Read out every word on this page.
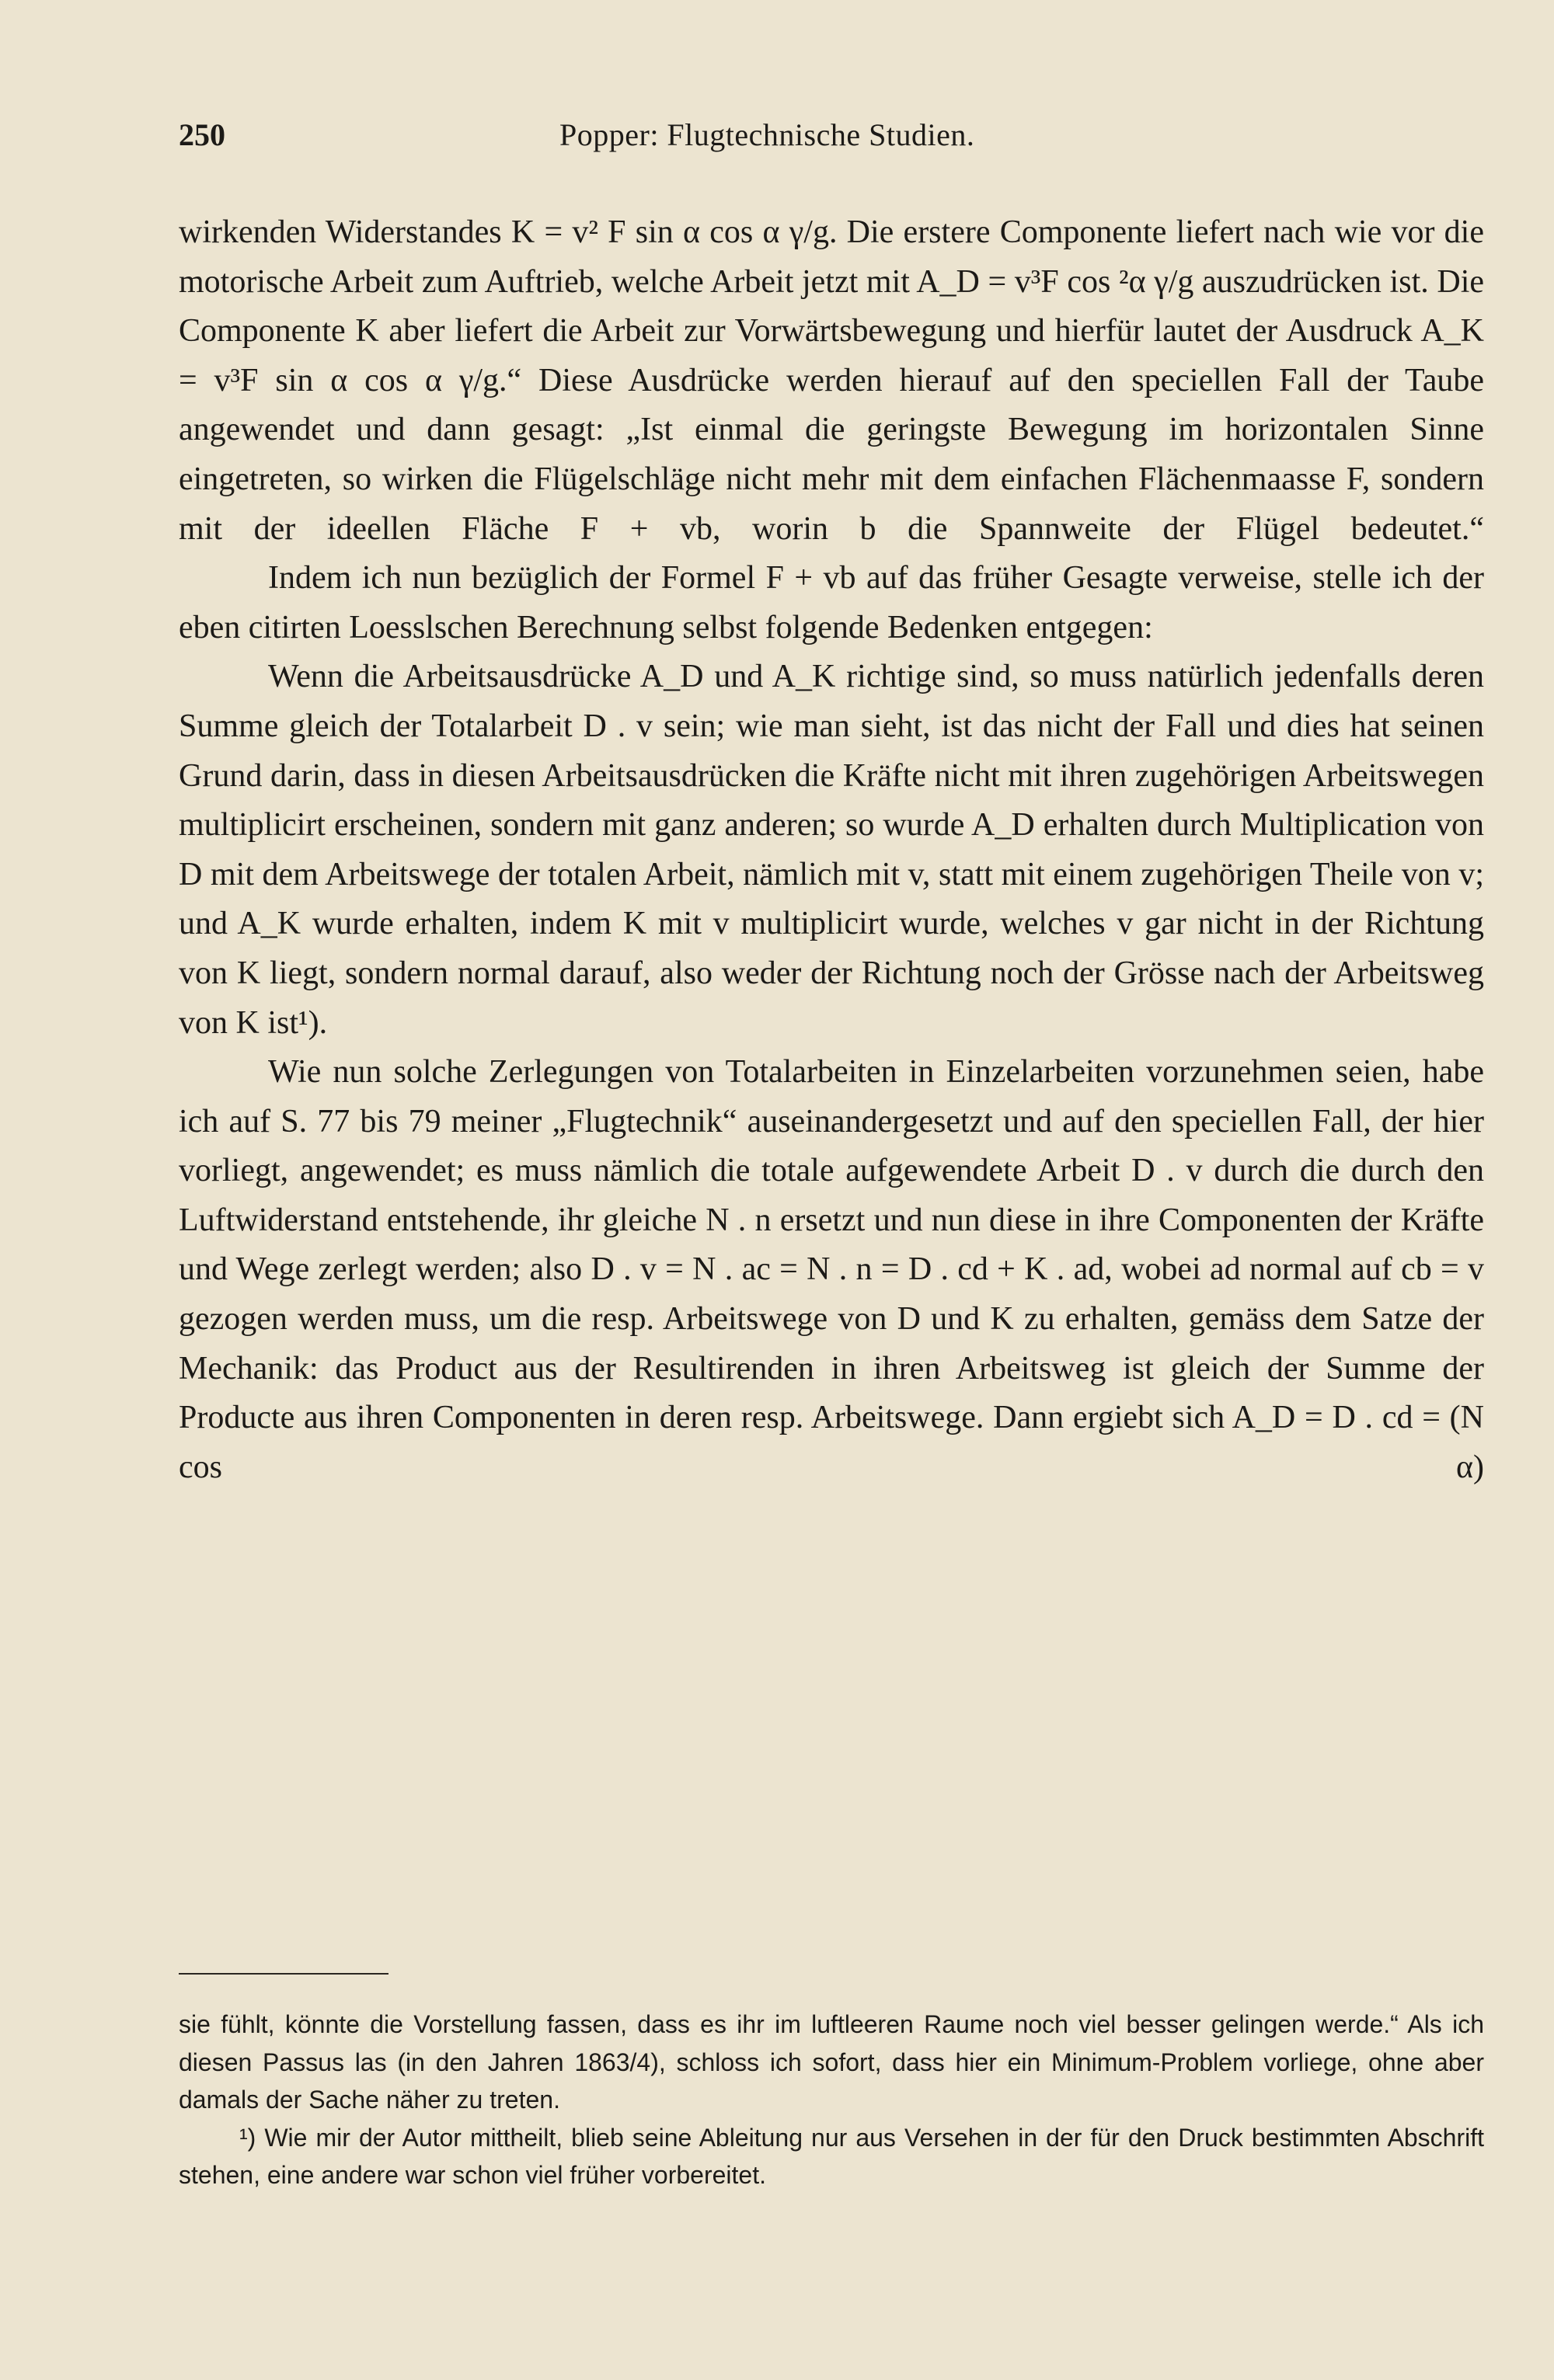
250	Popper: Flugtechnische Studien.

wirkenden Widerstandes K = v² F sin α cos α γ/g. Die erstere Componente liefert nach wie vor die motorische Arbeit zum Auftrieb, welche Arbeit jetzt mit A_D = v³F cos ²α γ/g auszudrücken ist. Die Componente K aber liefert die Arbeit zur Vorwärtsbewegung und hierfür lautet der Ausdruck A_K = v³F sin α cos α γ/g.“ Diese Ausdrücke werden hierauf auf den speciellen Fall der Taube angewendet und dann gesagt: „Ist einmal die geringste Bewegung im horizontalen Sinne eingetreten, so wirken die Flügelschläge nicht mehr mit dem einfachen Flächenmaasse F, sondern mit der ideellen Fläche F + vb, worin b die Spannweite der Flügel bedeutet.“

Indem ich nun bezüglich der Formel F + vb auf das früher Gesagte verweise, stelle ich der eben citirten Loesslschen Berechnung selbst folgende Bedenken entgegen:

Wenn die Arbeitsausdrücke A_D und A_K richtige sind, so muss natürlich jedenfalls deren Summe gleich der Totalarbeit D . v sein; wie man sieht, ist das nicht der Fall und dies hat seinen Grund darin, dass in diesen Arbeitsausdrücken die Kräfte nicht mit ihren zugehörigen Arbeitswegen multiplicirt erscheinen, sondern mit ganz anderen; so wurde A_D erhalten durch Multiplication von D mit dem Arbeitswege der totalen Arbeit, nämlich mit v, statt mit einem zugehörigen Theile von v; und A_K wurde erhalten, indem K mit v multiplicirt wurde, welches v gar nicht in der Richtung von K liegt, sondern normal darauf, also weder der Richtung noch der Grösse nach der Arbeitsweg von K ist¹).

Wie nun solche Zerlegungen von Totalarbeiten in Einzelarbeiten vorzunehmen seien, habe ich auf S. 77 bis 79 meiner „Flugtechnik“ auseinandergesetzt und auf den speciellen Fall, der hier vorliegt, angewendet; es muss nämlich die totale aufgewendete Arbeit D . v durch die durch den Luftwiderstand entstehende, ihr gleiche N . n ersetzt und nun diese in ihre Componenten der Kräfte und Wege zerlegt werden; also D . v = N . ac = N . n = D . cd + K . ad, wobei ad normal auf cb = v gezogen werden muss, um die resp. Arbeitswege von D und K zu erhalten, gemäss dem Satze der Mechanik: das Product aus der Resultirenden in ihren Arbeitsweg ist gleich der Summe der Producte aus ihren Componenten in deren resp. Arbeitswege. Dann ergiebt sich A_D = D . cd = (N cos α)

sie fühlt, könnte die Vorstellung fassen, dass es ihr im luftleeren Raume noch viel besser gelingen werde.“ Als ich diesen Passus las (in den Jahren 1863/4), schloss ich sofort, dass hier ein Minimum-Problem vorliege, ohne aber damals der Sache näher zu treten.

¹) Wie mir der Autor mittheilt, blieb seine Ableitung nur aus Versehen in der für den Druck bestimmten Abschrift stehen, eine andere war schon viel früher vorbereitet.
